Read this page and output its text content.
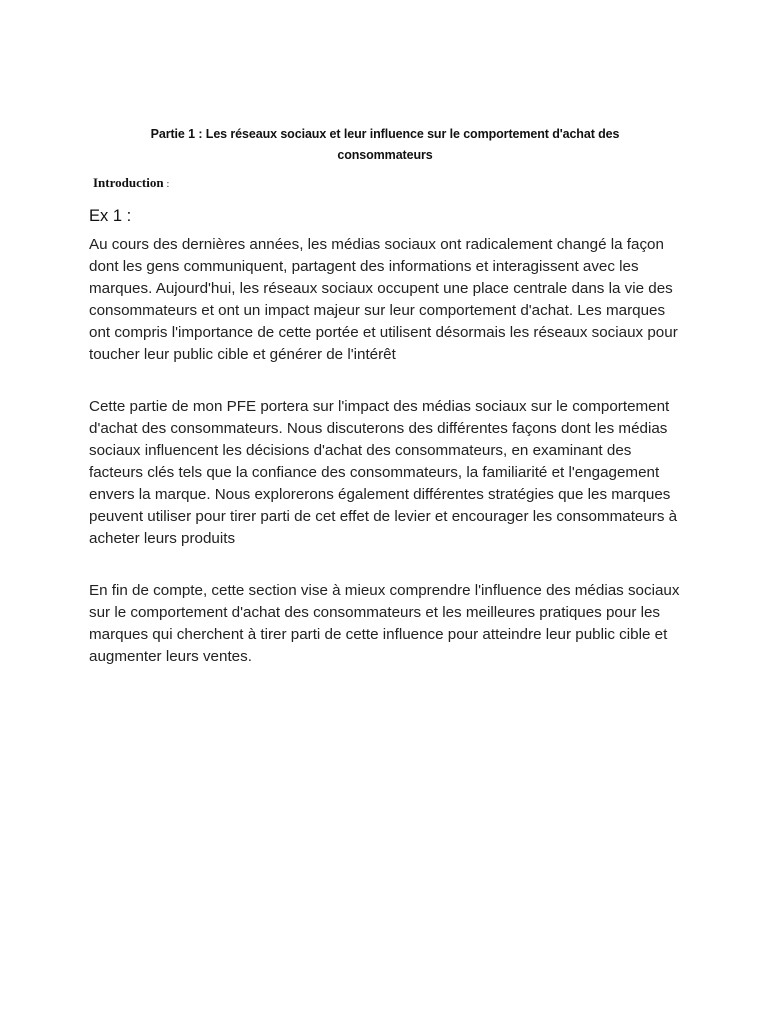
Partie 1 : Les réseaux sociaux et leur influence sur le comportement d'achat des consommateurs
Introduction :
Ex 1 :

Au cours des dernières années, les médias sociaux ont radicalement changé la façon dont les gens communiquent, partagent des informations et interagissent avec les marques. Aujourd'hui, les réseaux sociaux occupent une place centrale dans la vie des consommateurs et ont un impact majeur sur leur comportement d'achat. Les marques ont compris l'importance de cette portée et utilisent désormais les réseaux sociaux pour toucher leur public cible et générer de l'intérêt

Cette partie de mon PFE portera sur l'impact des médias sociaux sur le comportement d'achat des consommateurs. Nous discuterons des différentes façons dont les médias sociaux influencent les décisions d'achat des consommateurs, en examinant des facteurs clés tels que la confiance des consommateurs, la familiarité et l'engagement envers la marque. Nous explorerons également différentes stratégies que les marques peuvent utiliser pour tirer parti de cet effet de levier et encourager les consommateurs à acheter leurs produits

En fin de compte, cette section vise à mieux comprendre l'influence des médias sociaux sur le comportement d'achat des consommateurs et les meilleures pratiques pour les marques qui cherchent à tirer parti de cette influence pour atteindre leur public cible et augmenter leurs ventes.
